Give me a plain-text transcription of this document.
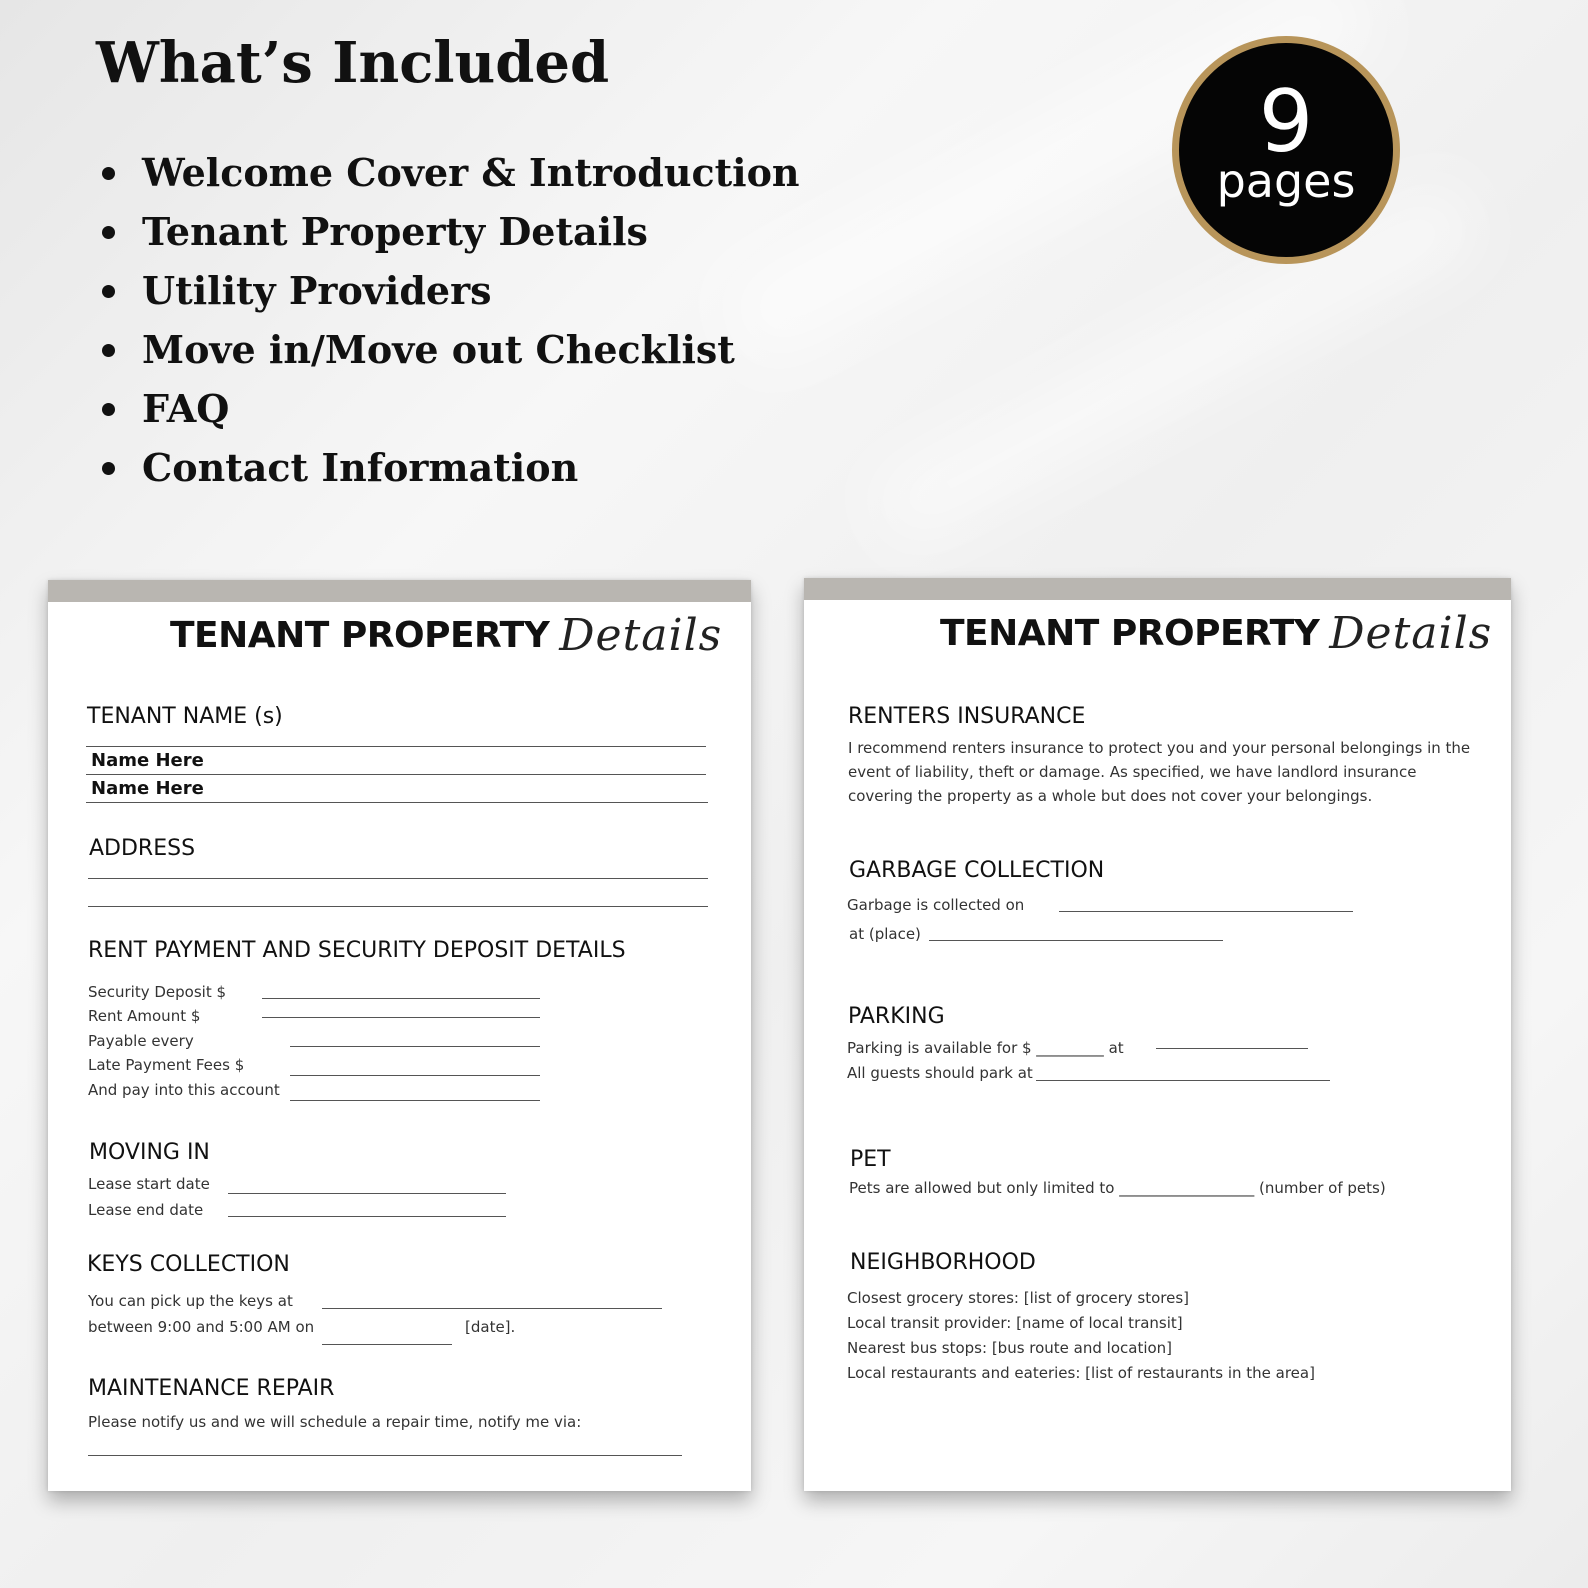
What’s Included
Welcome Cover & Introduction
Tenant Property Details
Utility Providers
Move in/Move out Checklist
FAQ
Contact Information
9
pages
TENANT PROPERTY Details
TENANT NAME (s)
Name Here
Name Here
ADDRESS
RENT PAYMENT AND SECURITY DEPOSIT DETAILS
Security Deposit $
Rent Amount $
Payable every
Late Payment Fees $
And pay into this account
MOVING IN
Lease start date
Lease end date
KEYS COLLECTION
You can pick up the keys at
between 9:00 and 5:00 AM on	[date].
MAINTENANCE REPAIR
Please notify us and we will schedule a repair time, notify me via:
TENANT PROPERTY Details
RENTERS INSURANCE

I recommend renters insurance to protect you and your personal belongings in the event of liability, theft or damage. As specified, we have landlord insurance covering the property as a whole but does not cover your belongings.

GARBAGE COLLECTION
Garbage is collected on
at (place)
PARKING
Parking is available for $ _________ at
All guests should park at
PET
Pets are allowed but only limited to __________________ (number of pets)
NEIGHBORHOOD
Closest grocery stores: [list of grocery stores]
Local transit provider: [name of local transit]
Nearest bus stops: [bus route and location]
Local restaurants and eateries: [list of restaurants in the area]
